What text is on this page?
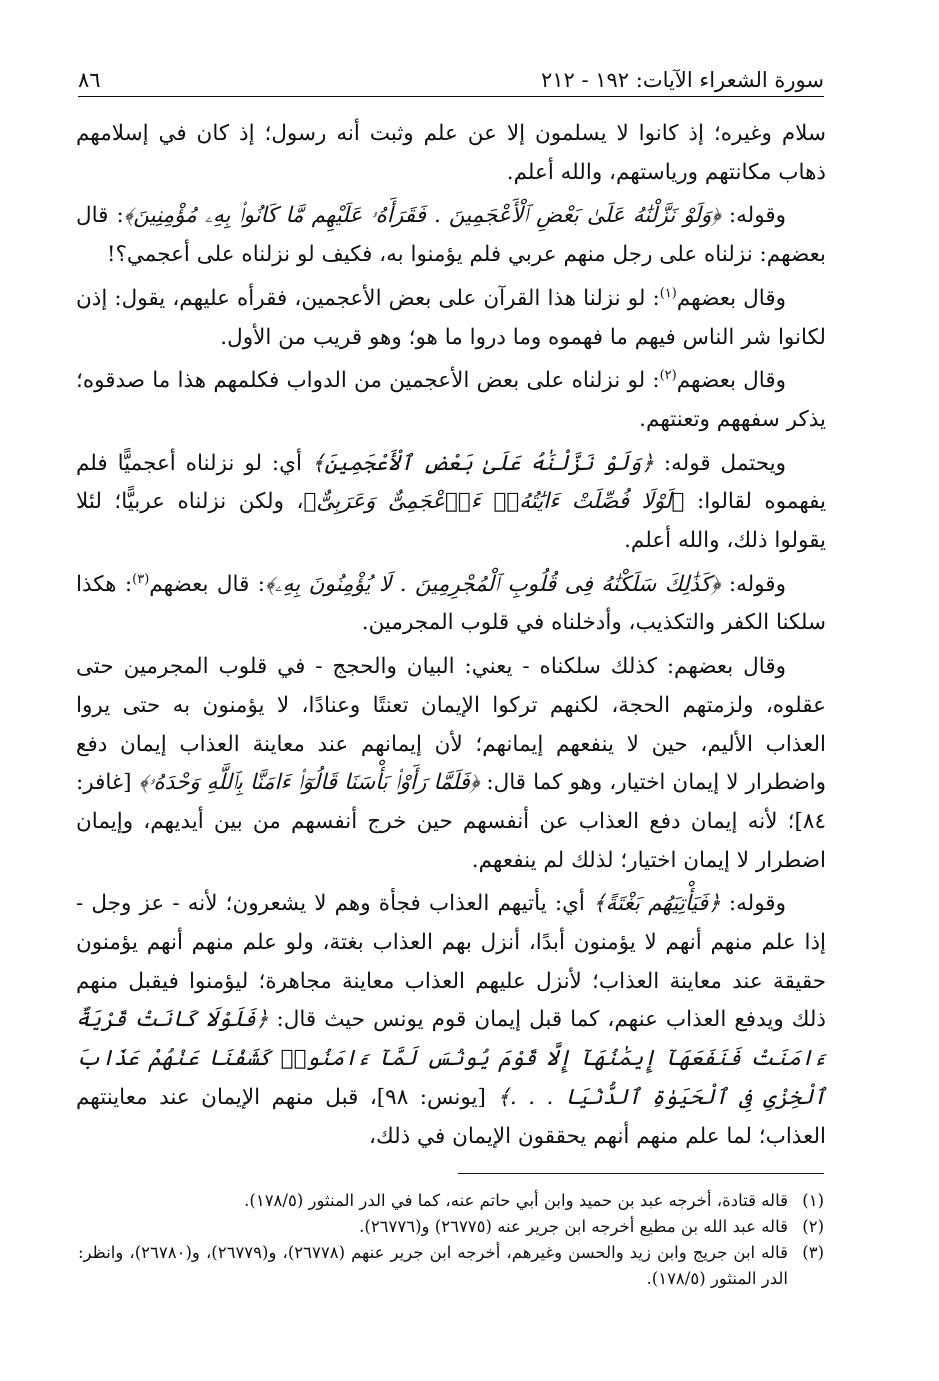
سورة الشعراء الآيات: ١٩٢ - ٢١٢
٨٦

سلام وغيره؛ إذ كانوا لا يسلمون إلا عن علم وثبت أنه رسول؛ إذ كان في إسلامهم ذهاب مكانتهم ورياستهم، والله أعلم.

وقوله: ﴿وَلَوْ نَزَّلْنَٰهُ عَلَىٰ بَعْضِ ٱلْأَعْجَمِينَ . فَقَرَأَهُۥ عَلَيْهِم مَّا كَانُوا۟ بِهِۦ مُؤْمِنِينَ﴾: قال بعضهم: نزلناه على رجل منهم عربي فلم يؤمنوا به، فكيف لو نزلناه على أعجمي؟!

وقال بعضهم$^{(١)}$: لو نزلنا هذا القرآن على بعض الأعجمين، فقرأه عليهم، يقول: إذن لكانوا شر الناس فيهم ما فهموه وما دروا ما هو؛ وهو قريب من الأول.

وقال بعضهم$^{(٢)}$: لو نزلناه على بعض الأعجمين من الدواب فكلمهم هذا ما صدقوه؛ يذكر سفههم وتعنتهم.

ويحتمل قوله: ﴿وَلَوْ نَزَّلْنَٰهُ عَلَىٰ بَعْضِ ٱلْأَعْجَمِينَ﴾ أي: لو نزلناه أعجميًّا فلم يفهموه لقالوا: ﴿لَوْلَا فُصِّلَتْ ءَايَٰتُهُۥٓ ءَا۬عْجَمِىٌّ وَعَرَبِىٌّ﴾، ولكن نزلناه عربيًّا؛ لئلا يقولوا ذلك، والله أعلم.

وقوله: ﴿كَذَٰلِكَ سَلَكْنَٰهُ فِى قُلُوبِ ٱلْمُجْرِمِينَ . لَا يُؤْمِنُونَ بِهِۦ﴾: قال بعضهم$^{(٣)}$: هكذا سلكنا الكفر والتكذيب، وأدخلناه في قلوب المجرمين.

وقال بعضهم: كذلك سلكناه - يعني: البيان والحجج - في قلوب المجرمين حتى عقلوه، ولزمتهم الحجة، لكنهم تركوا الإيمان تعنتًا وعنادًا، لا يؤمنون به حتى يروا العذاب الأليم، حين لا ينفعهم إيمانهم؛ لأن إيمانهم عند معاينة العذاب إيمان دفع واضطرار لا إيمان اختيار، وهو كما قال: ﴿فَلَمَّا رَأَوْا۟ بَأْسَنَا قَالُوٓا۟ ءَامَنَّا بِٱللَّهِ وَحْدَهُۥ﴾ [غافر: ٨٤]؛ لأنه إيمان دفع العذاب عن أنفسهم حين خرج أنفسهم من بين أيديهم، وإيمان اضطرار لا إيمان اختيار؛ لذلك لم ينفعهم.

وقوله: ﴿فَيَأْتِيَهُم بَغْتَةً﴾ أي: يأتيهم العذاب فجأة وهم لا يشعرون؛ لأنه - عز وجل - إذا علم منهم أنهم لا يؤمنون أبدًا، أنزل بهم العذاب بغتة، ولو علم منهم أنهم يؤمنون حقيقة عند معاينة العذاب؛ لأنزل عليهم العذاب معاينة مجاهرة؛ ليؤمنوا فيقبل منهم ذلك ويدفع العذاب عنهم، كما قبل إيمان قوم يونس حيث قال: ﴿فَلَوْلَا كَانَتْ قَرْيَةٌ ءَامَنَتْ فَنَفَعَهَآ إِيمَٰنُهَآ إِلَّا قَوْمَ يُونُسَ لَمَّآ ءَامَنُوا۟ كَشَفْنَا عَنْهُمْ عَذَابَ ٱلْخِزْىِ فِى ٱلْحَيَوٰةِ ٱلدُّنْيَا . . .﴾ [يونس: ٩٨]، قبل منهم الإيمان عند معاينتهم العذاب؛ لما علم منهم أنهم يحققون الإيمان في ذلك،

(١)
قاله قتادة، أخرجه عبد بن حميد وابن أبي حاتم عنه، كما في الدر المنثور (١٧٨/٥).
(٢)
قاله عبد الله بن مطيع أخرجه ابن جرير عنه (٢٦٧٧٥) و(٢٦٧٧٦).
(٣)
قاله ابن جريج وابن زيد والحسن وغيرهم، أخرجه ابن جرير عنهم (٢٦٧٧٨)، و(٢٦٧٧٩)، و(٢٦٧٨٠)، وانظر: الدر المنثور (١٧٨/٥).
